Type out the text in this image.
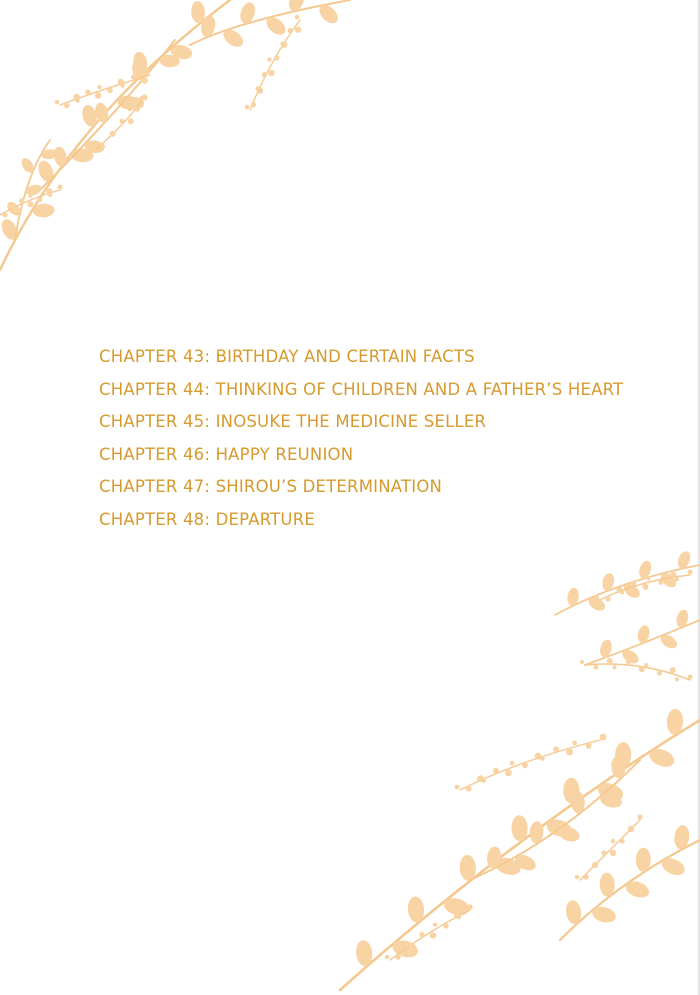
CHAPTER 43: BIRTHDAY AND CERTAIN FACTS
CHAPTER 44: THINKING OF CHILDREN AND A FATHER’S HEART
CHAPTER 45: INOSUKE THE MEDICINE SELLER
CHAPTER 46: HAPPY REUNION
CHAPTER 47: SHIROU’S DETERMINATION
CHAPTER 48: DEPARTURE
